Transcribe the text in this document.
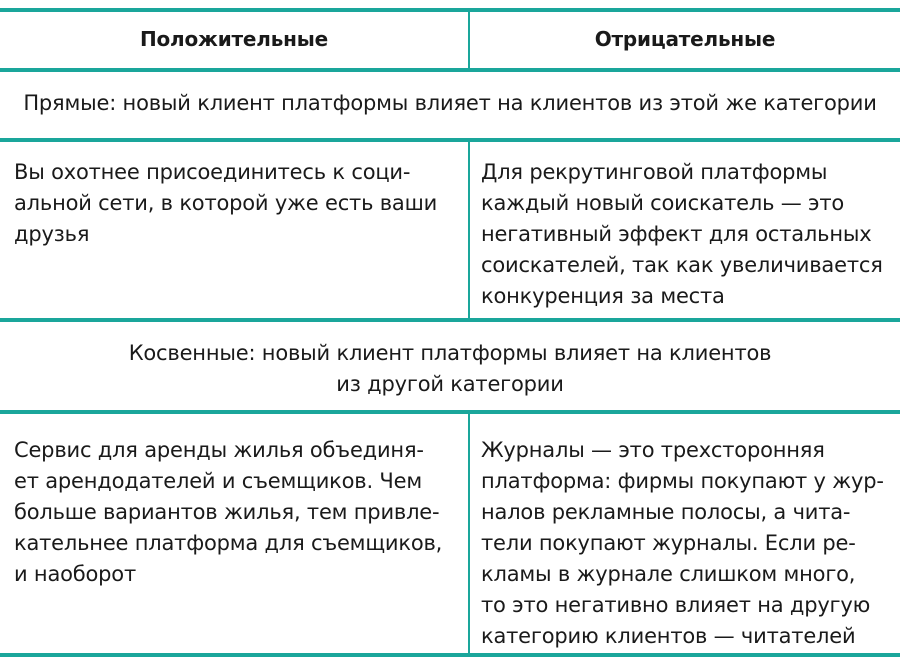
Положительные	Отрицательные
Прямые: новый клиент платформы влияет на клиентов из этой же категории
Вы охотнее присоединитесь к соци-
альной сети, в которой уже есть ваши
друзья
Для рекрутинговой платформы
каждый новый соискатель — это
негативный эффект для остальных
соискателей, так как увеличивается
конкуренция за места
Косвенные: новый клиент платформы влияет на клиентов
из другой категории
Сервис для аренды жилья объединя-
ет арендодателей и съемщиков. Чем
больше вариантов жилья, тем привле-
кательнее платформа для съемщиков,
и наоборот
Журналы — это трехсторонняя
платформа: фирмы покупают у жур-
налов рекламные полосы, а чита-
тели покупают журналы. Если ре-
кламы в журнале слишком много,
то это негативно влияет на другую
категорию клиентов — читателей
